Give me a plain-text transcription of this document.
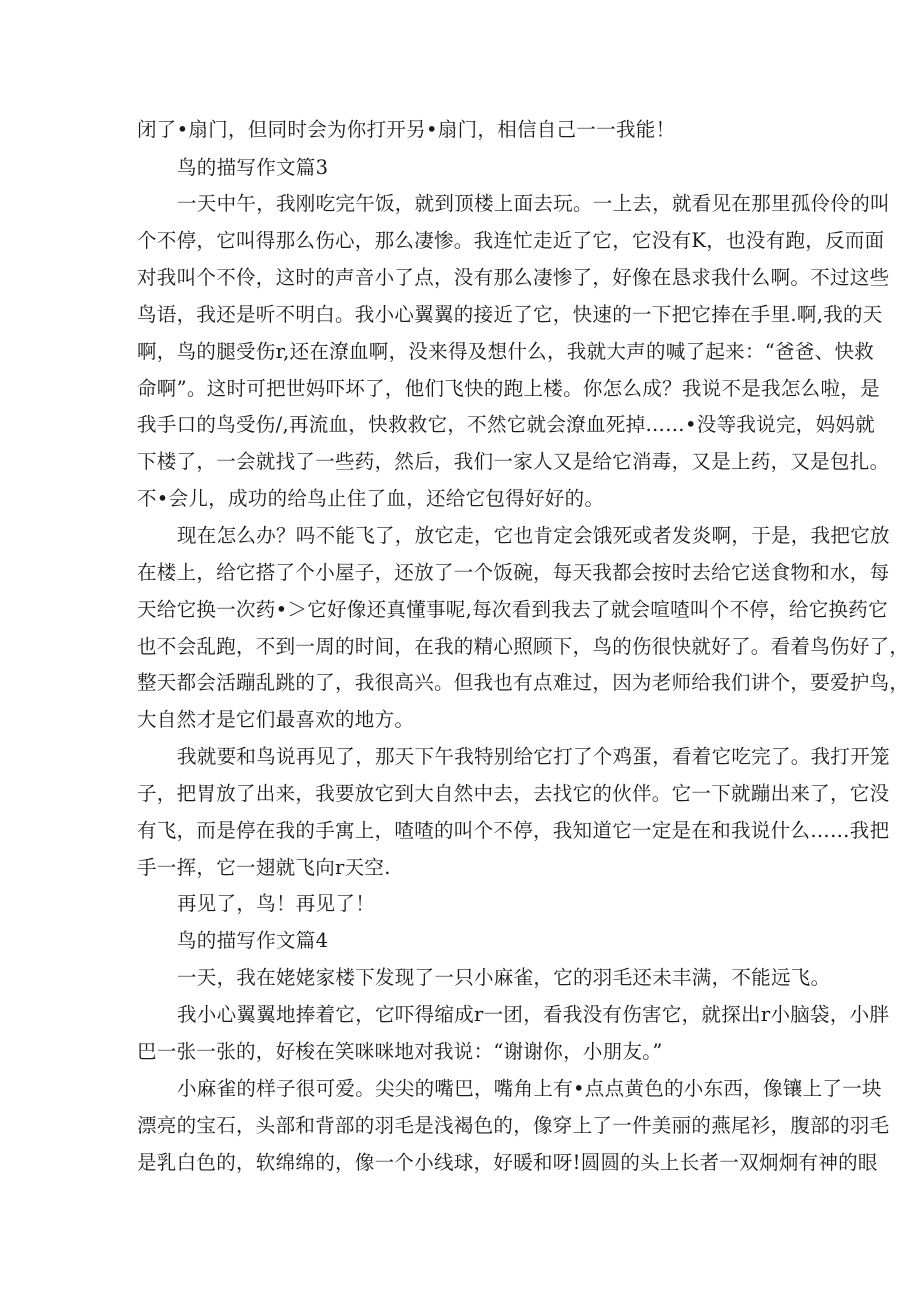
闭了•扇门，但同时会为你打开另•扇门，相信自己一一我能！
鸟的描写作文篇3
一天中午，我刚吃完午饭，就到顶楼上面去玩。一上去，就看见在那里孤伶伶的叫
个不停，它叫得那么伤心，那么凄惨。我连忙走近了它，它没有K，也没有跑，反而面
对我叫个不伶，这时的声音小了点，没有那么凄惨了，好像在恳求我什么啊。不过这些
鸟语，我还是听不明白。我小心翼翼的接近了它，快速的一下把它捧在手里.啊,我的天
啊，鸟的腿受伤r,还在潦血啊，没来得及想什么，我就大声的喊了起来：“爸爸、快救
命啊”。这时可把世妈吓坏了，他们飞快的跑上楼。你怎么成？我说不是我怎么啦，是
我手口的鸟受伤/,再流血，快救救它，不然它就会潦血死掉……•没等我说完，妈妈就
下楼了，一会就找了一些药，然后，我们一家人又是给它消毒，又是上药，又是包扎。
不•会儿，成功的给鸟止住了血，还给它包得好好的。
现在怎么办？吗不能飞了，放它走，它也肯定会饿死或者发炎啊，于是，我把它放
在楼上，给它搭了个小屋子，还放了一个饭碗，每天我都会按时去给它送食物和水，每
天给它换一次药•＞它好像还真懂事呢,每次看到我去了就会喧喳叫个不停，给它换药它
也不会乱跑，不到一周的时间，在我的精心照顾下，鸟的伤很快就好了。看着鸟伤好了，
整天都会活蹦乱跳的了，我很高兴。但我也有点难过，因为老师给我们讲个，要爱护鸟，
大自然才是它们最喜欢的地方。
我就要和鸟说再见了，那天下午我特别给它打了个鸡蛋，看着它吃完了。我打开笼
子，把胃放了出来，我要放它到大自然中去，去找它的伙伴。它一下就蹦出来了，它没
有飞，而是停在我的手寓上，喳喳的叫个不停，我知道它一定是在和我说什么……我把
手一挥，它一翅就飞向r天空.
再见了，鸟！再见了！
鸟的描写作文篇4
一天，我在姥姥家楼下发现了一只小麻雀，它的羽毛还未丰满，不能远飞。
我小心翼翼地捧着它，它吓得缩成r一团，看我没有伤害它，就探出r小脑袋，小胖
巴一张一张的，好梭在笑咪咪地对我说：“谢谢你，小朋友。”
小麻雀的样子很可爱。尖尖的嘴巴，嘴角上有•点点黄色的小东西，像镶上了一块
漂亮的宝石，头部和背部的羽毛是浅褐色的，像穿上了一件美丽的燕尾衫，腹部的羽毛
是乳白色的，软绵绵的，像一个小线球，好暖和呀!圆圆的头上长者一双炯炯有神的眼
